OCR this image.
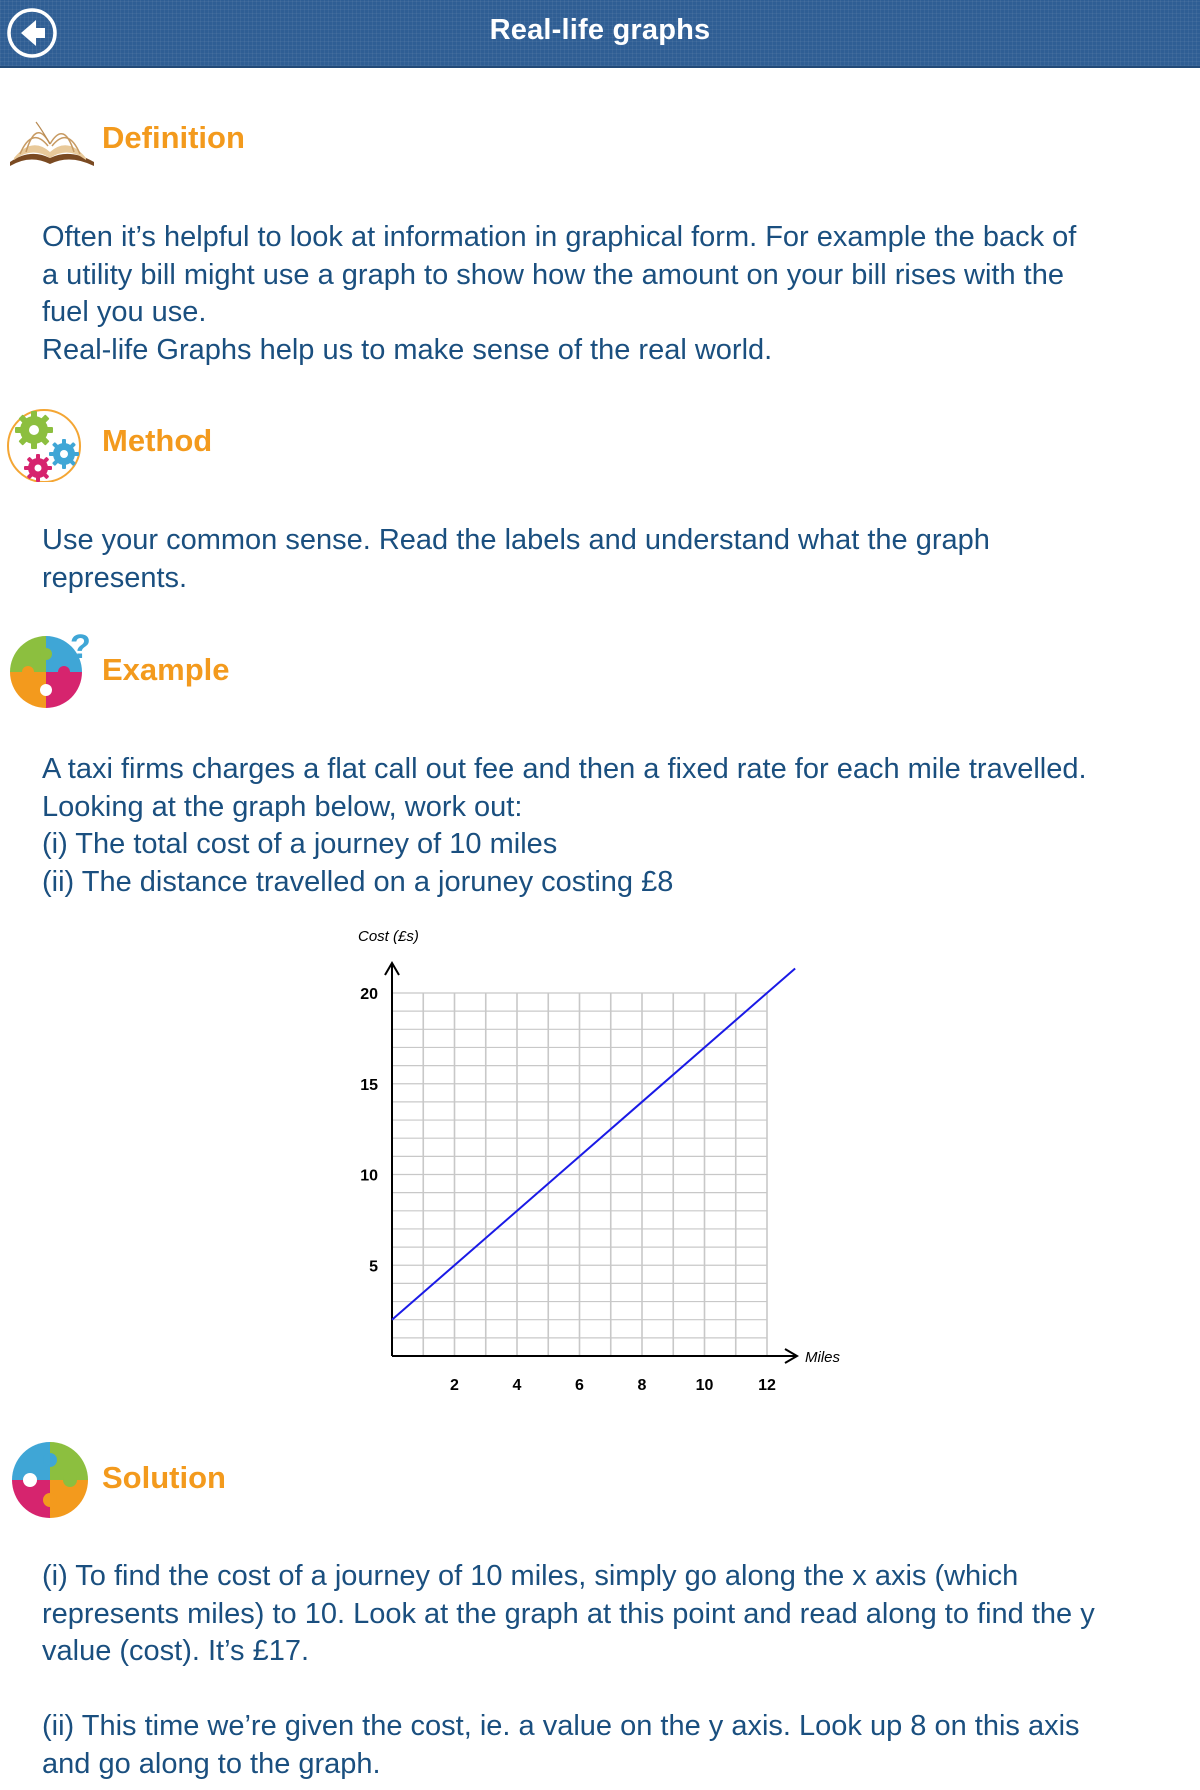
Real-life graphs
Definition
Often it’s helpful to look at information in graphical form. For example the back of
a utility bill might use a graph to show how the amount on your bill rises with the
fuel you use.
Real-life Graphs help us to make sense of the real world.
Method
Use your common sense. Read the labels and understand what the graph
represents.
?
Example
A taxi firms charges a flat call out fee and then a fixed rate for each mile travelled.
Looking at the graph below, work out:
(i) The total cost of a journey of 10 miles
(ii) The distance travelled on a joruney costing £8
2	4	6	8	10	12
5
10
15
20
Cost (£s)
Miles
Solution
(i) To find the cost of a journey of 10 miles, simply go along the x axis (which
represents miles) to 10. Look at the graph at this point and read along to find the y
value (cost). It’s £17.
(ii) This time we’re given the cost, ie. a value on the y axis. Look up 8 on this axis
and go along to the graph.
